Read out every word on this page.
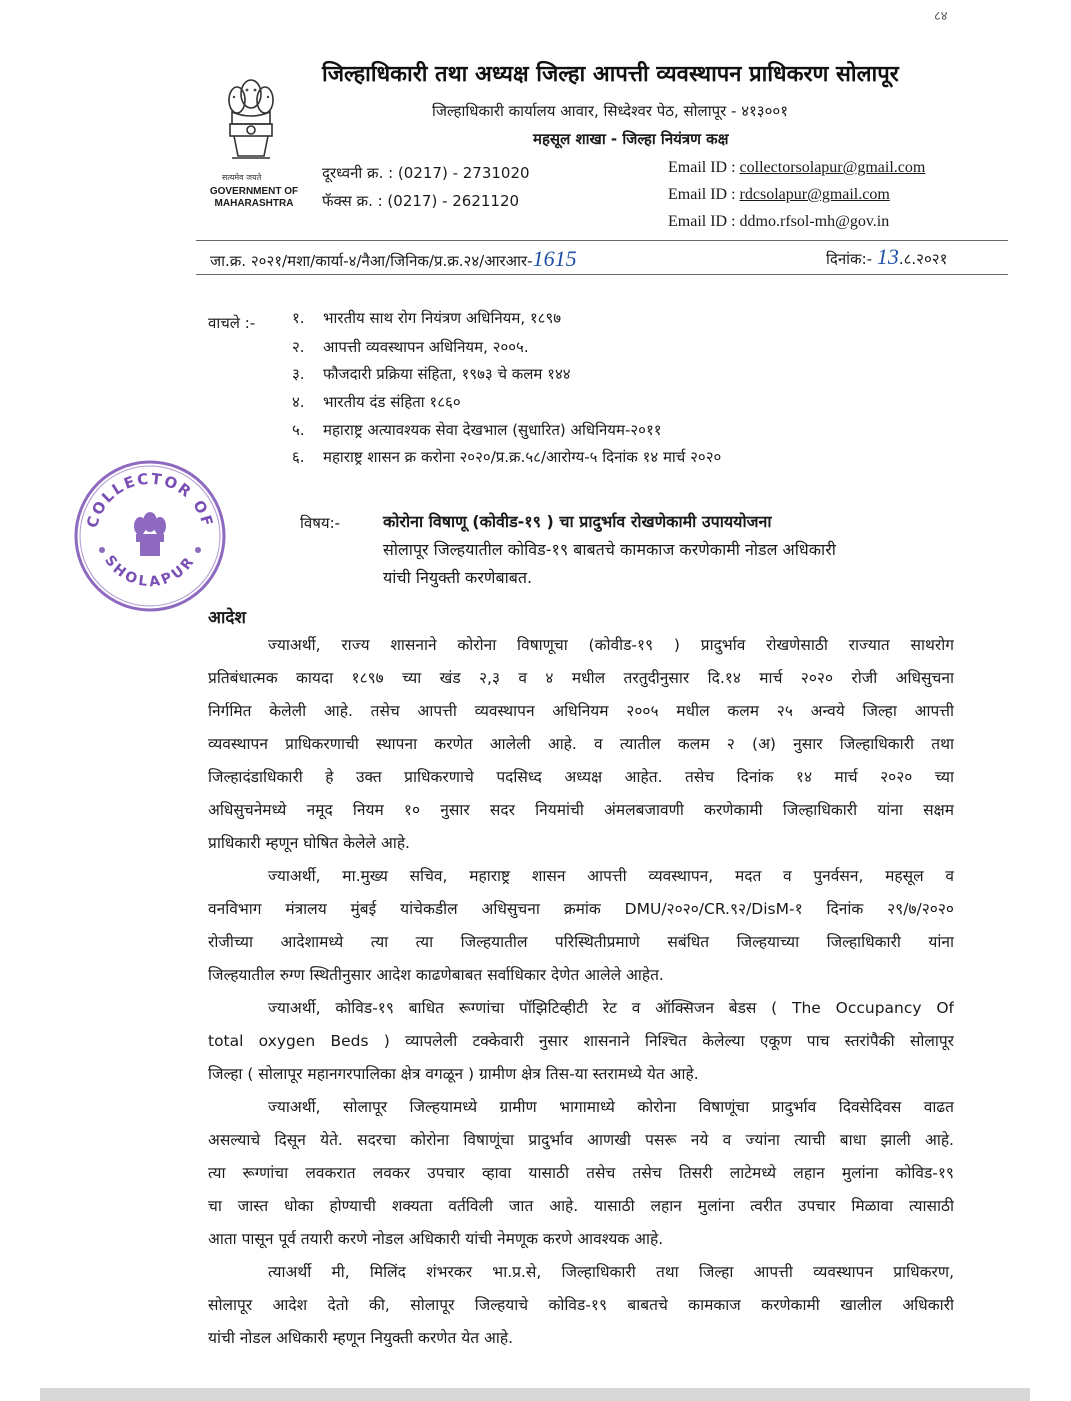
८४
सत्यमेव जयते
GOVERNMENT OF
MAHARASHTRA
जिल्हाधिकारी तथा अध्यक्ष जिल्हा आपत्ती व्यवस्थापन प्राधिकरण सोलापूर
जिल्हाधिकारी कार्यालय आवार, सिध्देश्वर पेठ, सोलापूर - ४१३००१
महसूल शाखा - जिल्हा नियंत्रण कक्ष
दूरध्वनी क्र. : (0217) - 2731020
फॅक्स क्र. : (0217) - 2621120
Email ID : collectorsolapur@gmail.com
Email ID : rdcsolapur@gmail.com
Email ID : ddmo.rfsol-mh@gov.in
जा.क्र. २०२१/मशा/कार्या-४/नैआ/जिनिक/प्र.क्र.२४/आरआर-1615	दिनांक:- 13.८.२०२१
वाचले :- १. भारतीय साथ रोग नियंत्रण अधिनियम, १८९७
२. आपत्ती व्यवस्थापन अधिनियम, २००५.
३. फौजदारी प्रक्रिया संहिता, १९७३ चे कलम १४४
४. भारतीय दंड संहिता १८६०
५. महाराष्ट्र अत्यावश्यक सेवा देखभाल (सुधारित) अधिनियम-२०११
६. महाराष्ट्र शासन क्र करोना २०२०/प्र.क्र.५८/आरोग्य-५ दिनांक १४ मार्च २०२०
COLLECTOR OF
SHOLAPUR
विषय:-	कोरोना विषाणू (कोवीड-१९ ) चा प्रादुर्भाव रोखणेकामी उपाययोजना
सोलापूर जिल्हयातील कोविड-१९ बाबतचे कामकाज करणेकामी नोडल अधिकारी
यांची नियुक्ती करणेबाबत.
आदेश
ज्याअर्थी, राज्य शासनाने कोरोना विषाणूचा (कोवीड-१९ ) प्रादुर्भाव रोखणेसाठी राज्यात साथरोग
प्रतिबंधात्मक कायदा १८९७ च्या खंड २,३ व ४ मधील तरतुदीनुसार दि.१४ मार्च २०२० रोजी अधिसुचना
निर्गमित केलेली आहे. तसेच आपत्ती व्यवस्थापन अधिनियम २००५ मधील कलम २५ अन्वये जिल्हा आपत्ती
व्यवस्थापन प्राधिकरणाची स्थापना करणेत आलेली आहे. व त्यातील कलम २ (अ) नुसार जिल्हाधिकारी तथा
जिल्हादंडाधिकारी हे उक्त प्राधिकरणाचे पदसिध्द अध्यक्ष आहेत. तसेच दिनांक १४ मार्च २०२० च्या
अधिसुचनेमध्ये नमूद नियम १० नुसार सदर नियमांची अंमलबजावणी करणेकामी जिल्हाधिकारी यांना सक्षम
प्राधिकारी म्हणून घोषित केलेले आहे.
ज्याअर्थी, मा.मुख्य सचिव, महाराष्ट्र शासन आपत्ती व्यवस्थापन, मदत व पुनर्वसन, महसूल व
वनविभाग मंत्रालय मुंबई यांचेकडील अधिसुचना क्रमांक DMU/२०२०/CR.९२/DisM-१ दिनांक २९/७/२०२०
रोजीच्या आदेशामध्ये त्या त्या जिल्हयातील परिस्थितीप्रमाणे सबंधित जिल्हयाच्या जिल्हाधिकारी यांना
जिल्हयातील रुग्ण स्थितीनुसार आदेश काढणेबाबत सर्वाधिकार देणेत आलेले आहेत.
ज्याअर्थी, कोविड-१९ बाधित रूग्णांचा पॉझिटिव्हीटी रेट व ऑक्सिजन बेडस ( The Occupancy Of
total oxygen Beds ) व्यापलेली टक्केवारी नुसार शासनाने निश्चित केलेल्या एकूण पाच स्तरांपैकी सोलापूर
जिल्हा ( सोलापूर महानगरपालिका क्षेत्र वगळून ) ग्रामीण क्षेत्र तिस-या स्तरामध्ये येत आहे.
ज्याअर्थी, सोलापूर जिल्हयामध्ये ग्रामीण भागामाध्ये कोरोना विषाणूंचा प्रादुर्भाव दिवसेदिवस वाढत
असल्याचे दिसून येते. सदरचा कोरोना विषाणूंचा प्रादुर्भाव आणखी पसरू नये व ज्यांना त्याची बाधा झाली आहे.
त्या रूग्णांचा लवकरात लवकर उपचार व्हावा यासाठी तसेच तसेच तिसरी लाटेमध्ये लहान मुलांना कोविड-१९
चा जास्त धोका होण्याची शक्यता वर्तविली जात आहे. यासाठी लहान मुलांना त्वरीत उपचार मिळावा त्यासाठी
आता पासून पूर्व तयारी करणे नोडल अधिकारी यांची नेमणूक करणे आवश्यक आहे.
त्याअर्थी मी, मिलिंद शंभरकर भा.प्र.से, जिल्हाधिकारी तथा जिल्हा आपत्ती व्यवस्थापन प्राधिकरण,
सोलापूर आदेश देतो की, सोलापूर जिल्हयाचे कोविड-१९ बाबतचे कामकाज करणेकामी खालील अधिकारी
यांची नोडल अधिकारी म्हणून नियुक्ती करणेत येत आहे.
